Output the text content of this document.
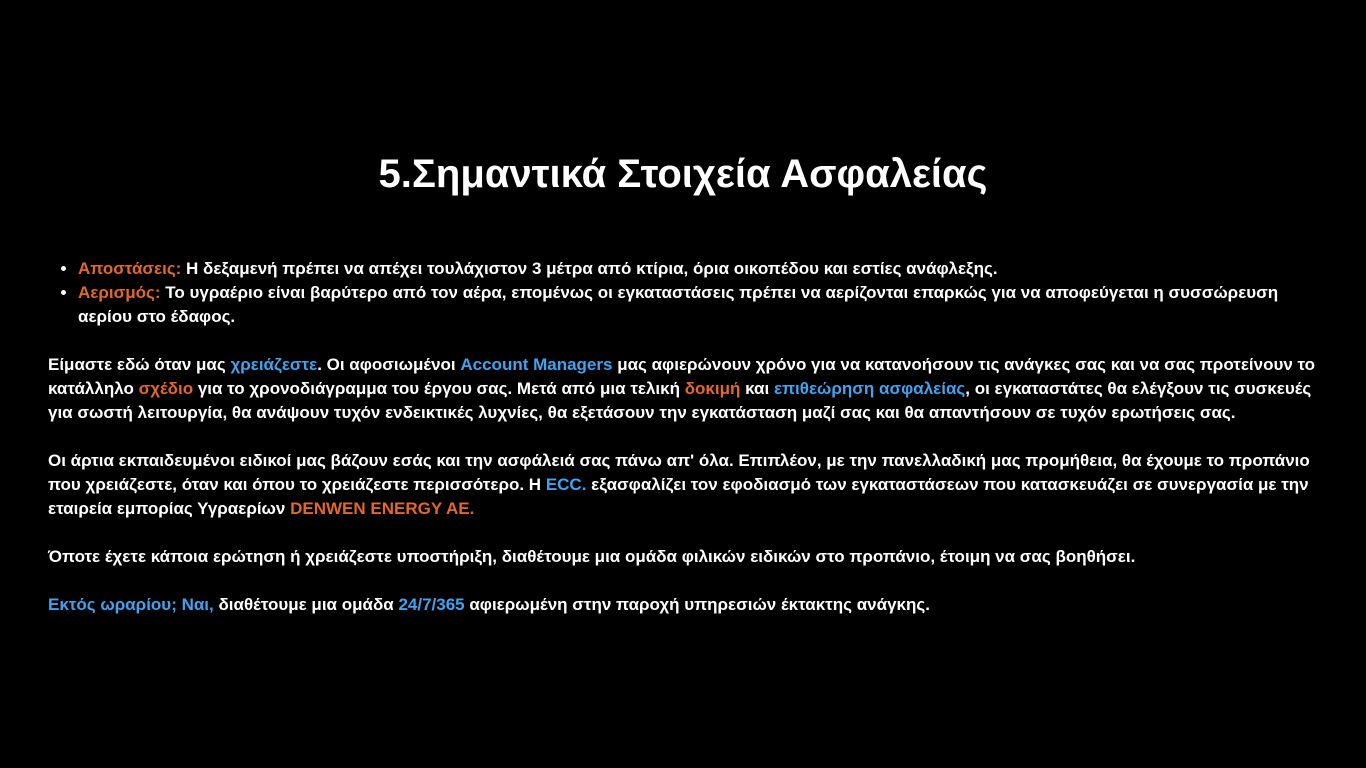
5.Σημαντικά Στοιχεία Ασφαλείας
• Αποστάσεις: Η δεξαμενή πρέπει να απέχει τουλάχιστον 3 μέτρα από κτίρια, όρια οικοπέδου και εστίες ανάφλεξης.
• Αερισμός: Το υγραέριο είναι βαρύτερο από τον αέρα, επομένως οι εγκαταστάσεις πρέπει να αερίζονται επαρκώς για να αποφεύγεται η συσσώρευση αερίου στο έδαφος.

Είμαστε εδώ όταν μας χρειάζεστε. Οι αφοσιωμένοι Account Managers μας αφιερώνουν χρόνο για να κατανοήσουν τις ανάγκες σας και να σας προτείνουν το κατάλληλο σχέδιο για το χρονοδιάγραμμα του έργου σας. Μετά από μια τελική δοκιμή και επιθεώρηση ασφαλείας, οι εγκαταστάτες θα ελέγξουν τις συσκευές για σωστή λειτουργία, θα ανάψουν τυχόν ενδεικτικές λυχνίες, θα εξετάσουν την εγκατάσταση μαζί σας και θα απαντήσουν σε τυχόν ερωτήσεις σας.

Οι άρτια εκπαιδευμένοι ειδικοί μας βάζουν εσάς και την ασφάλειά σας πάνω απ' όλα. Επιπλέον, με την πανελλαδική μας προμήθεια, θα έχουμε το προπάνιο που χρειάζεστε, όταν και όπου το χρειάζεστε περισσότερο. Η ECC. εξασφαλίζει τον εφοδιασμό των εγκαταστάσεων που κατασκευάζει σε συνεργασία με την εταιρεία εμπορίας Υγραερίων DENWEN ENERGY AE.

Όποτε έχετε κάποια ερώτηση ή χρειάζεστε υποστήριξη, διαθέτουμε μια ομάδα φιλικών ειδικών στο προπάνιο, έτοιμη να σας βοηθήσει.

Εκτός ωραρίου; Ναι, διαθέτουμε μια ομάδα 24/7/365 αφιερωμένη στην παροχή υπηρεσιών έκτακτης ανάγκης.
